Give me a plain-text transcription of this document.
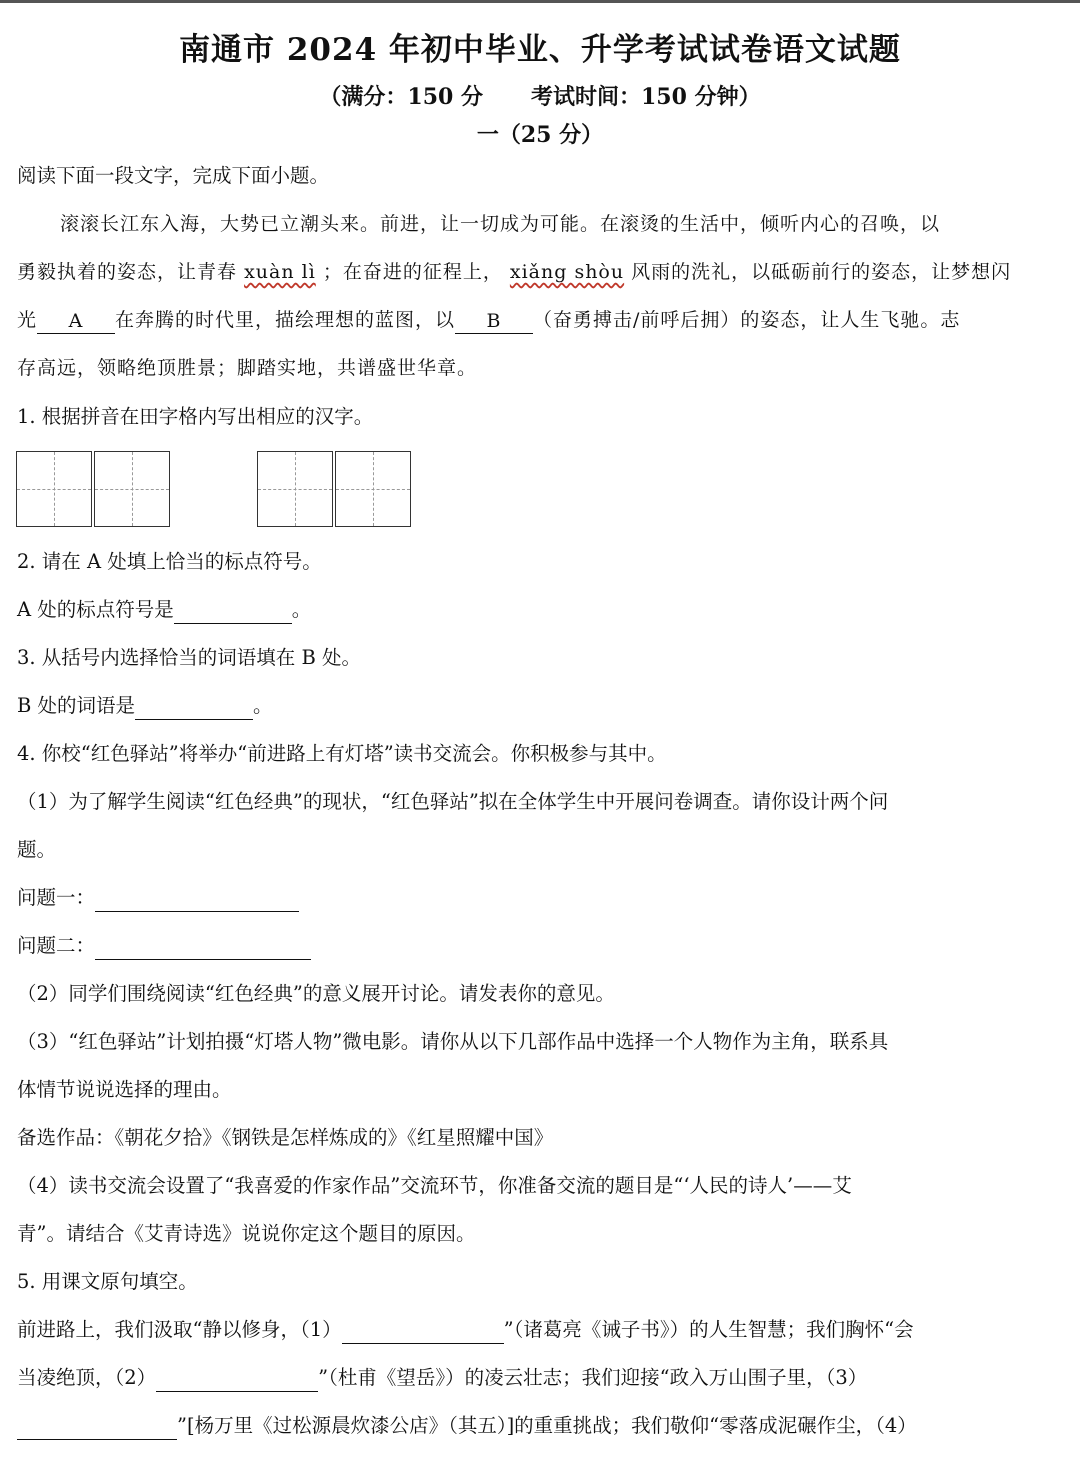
南通市 2024 年初中毕业、升学考试试卷语文试题
（满分：150 分 考试时间：150 分钟）
一（25 分）
阅读下面一段文字，完成下面小题。
滚滚长江东入海，大势已立潮头来。前进，让一切成为可能。在滚烫的生活中，倾听内心的召唤，以
勇毅执着的姿态，让青春 xuàn lì ；在奋进的征程上， xiǎng shòu 风雨的洗礼，以砥砺前行的姿态，让梦想闪
光 A 在奔腾的时代里，描绘理想的蓝图，以 B （奋勇搏击/前呼后拥）的姿态，让人生飞驰。志
存高远，领略绝顶胜景；脚踏实地，共谱盛世华章。
1. 根据拼音在田字格内写出相应的汉字。
2. 请在 A 处填上恰当的标点符号。
A 处的标点符号是	。
3. 从括号内选择恰当的词语填在 B 处。
B 处的词语是	。
4. 你校“红色驿站”将举办“前进路上有灯塔”读书交流会。你积极参与其中。
（1）为了解学生阅读“红色经典”的现状，“红色驿站”拟在全体学生中开展问卷调查。请你设计两个问
题。
问题一：
问题二：
（2）同学们围绕阅读“红色经典”的意义展开讨论。请发表你的意见。
（3）“红色驿站”计划拍摄“灯塔人物”微电影。请你从以下几部作品中选择一个人物作为主角，联系具
体情节说说选择的理由。
备选作品：《朝花夕拾》《钢铁是怎样炼成的》《红星照耀中国》
（4）读书交流会设置了“我喜爱的作家作品”交流环节，你准备交流的题目是“‘人民的诗人’——艾
青”。请结合《艾青诗选》说说你定这个题目的原因。
5. 用课文原句填空。
前进路上，我们汲取“静以修身，（1）	”（诸葛亮《诫子书》）的人生智慧；我们胸怀“会
当凌绝顶，（2）	”（杜甫《望岳》）的凌云壮志；我们迎接“政入万山围子里，（3）
”[杨万里《过松源晨炊漆公店》（其五）]的重重挑战；我们敬仰“零落成泥碾作尘，（4）
